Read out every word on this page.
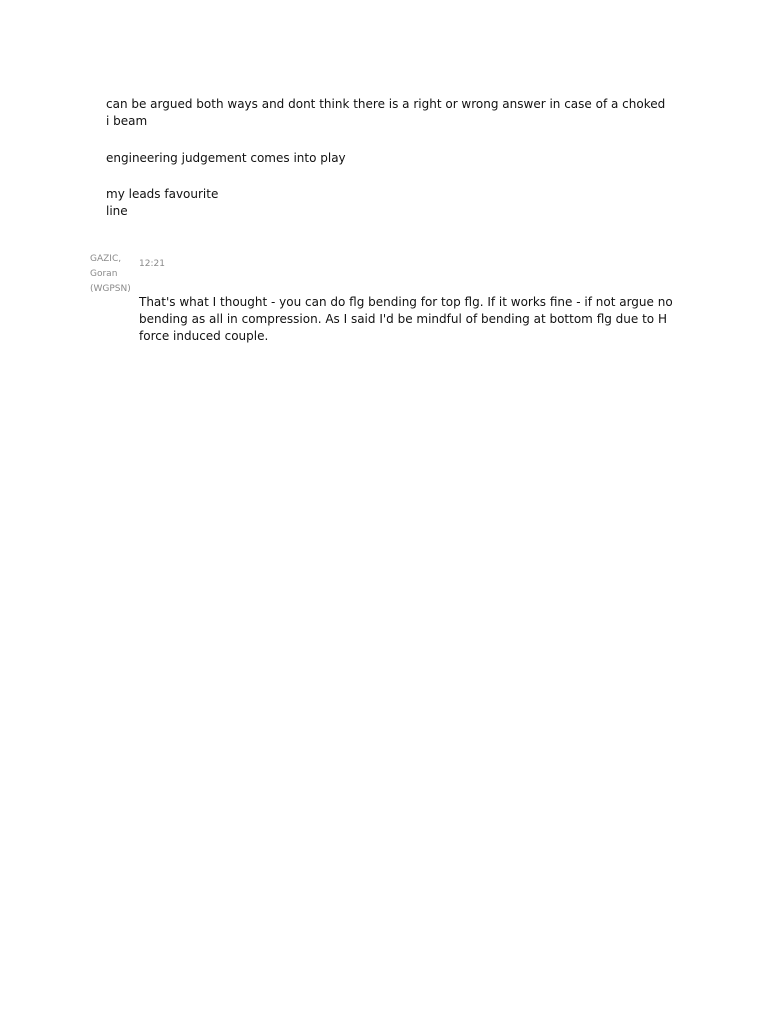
can be argued both ways and dont think there is a right or wrong answer in case of a choked i beam
engineering judgement comes into play
my leads favourite
line
GAZIC, Goran (WGPSN)
12:21
That's what I thought - you can do flg bending for top flg. If it works fine - if not argue no bending as all in compression. As I said I'd be mindful of bending at bottom flg due to H force induced couple.
